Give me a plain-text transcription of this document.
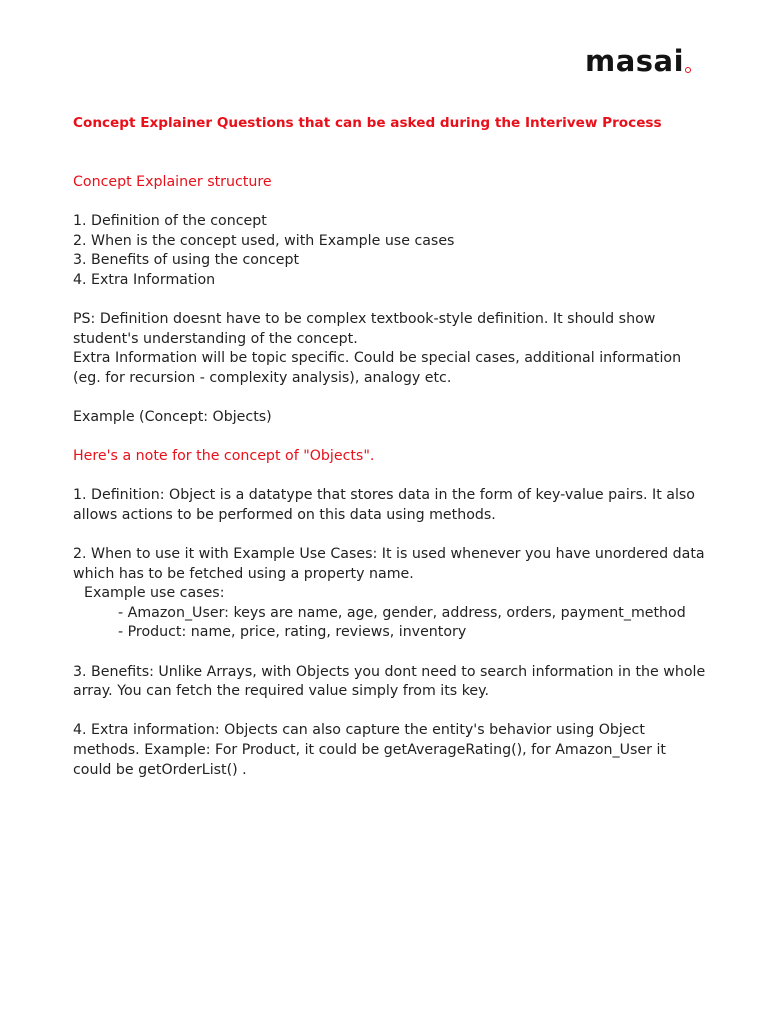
masai

Concept Explainer Questions that can be asked during the Interivew Process

Concept Explainer structure

1. Definition of the concept

2. When is the concept used, with Example use cases

3. Benefits of using the concept

4. Extra Information

PS: Definition doesnt have to be complex textbook-style definition. It should show

student's understanding of the concept.

Extra Information will be topic specific. Could be special cases, additional information

(eg. for recursion - complexity analysis), analogy etc.

Example (Concept: Objects)

Here's a note for the concept of "Objects".

1. Definition: Object is a datatype that stores data in the form of key-value pairs. It also

allows actions to be performed on this data using methods.

2. When to use it with Example Use Cases: It is used whenever you have unordered data

which has to be fetched using a property name.

Example use cases:

- Amazon_User: keys are name, age, gender, address, orders, payment_method

- Product: name, price, rating, reviews, inventory

3. Benefits: Unlike Arrays, with Objects you dont need to search information in the whole

array. You can fetch the required value simply from its key.

4. Extra information: Objects can also capture the entity's behavior using Object

methods. Example: For Product, it could be getAverageRating(), for Amazon_User it

could be getOrderList() .
